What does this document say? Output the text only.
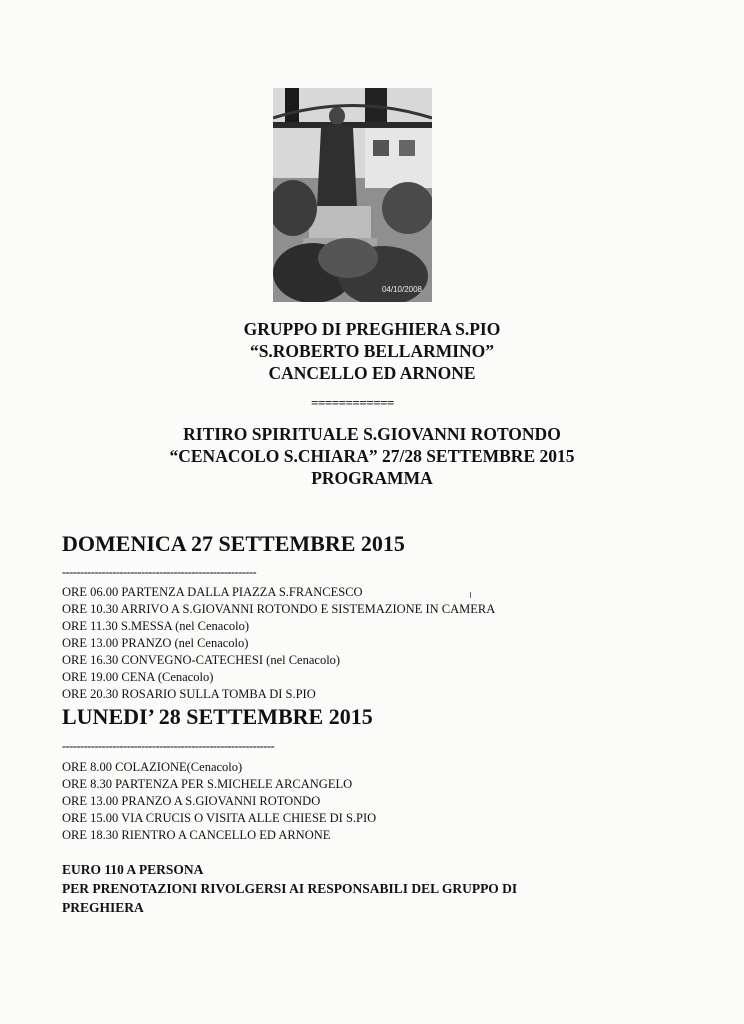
04/10/2008
GRUPPO DI PREGHIERA S.PIO
“S.ROBERTO BELLARMINO”
CANCELLO ED ARNONE
============
RITIRO SPIRITUALE S.GIOVANNI ROTONDO
“CENACOLO S.CHIARA” 27/28 SETTEMBRE 2015
PROGRAMMA
DOMENICA 27 SETTEMBRE 2015
------------------------------------------------------
ORE 06.00 PARTENZA DALLA PIAZZA S.FRANCESCO
ORE 10.30 ARRIVO A S.GIOVANNI ROTONDO E SISTEMAZIONE IN CAMERA
ORE 11.30 S.MESSA (nel Cenacolo)
ORE 13.00 PRANZO (nel Cenacolo)
ORE 16.30 CONVEGNO-CATECHESI (nel Cenacolo)
ORE 19.00 CENA (Cenacolo)
ORE 20.30 ROSARIO SULLA TOMBA DI S.PIO
LUNEDI’ 28 SETTEMBRE 2015
-----------------------------------------------------------
ORE 8.00 COLAZIONE(Cenacolo)
ORE 8.30 PARTENZA PER S.MICHELE ARCANGELO
ORE 13.00 PRANZO A S.GIOVANNI ROTONDO
ORE 15.00 VIA CRUCIS O VISITA ALLE CHIESE DI S.PIO
ORE 18.30 RIENTRO A CANCELLO ED ARNONE
EURO 110 A PERSONA
PER PRENOTAZIONI RIVOLGERSI AI RESPONSABILI DEL GRUPPO DI
PREGHIERA
